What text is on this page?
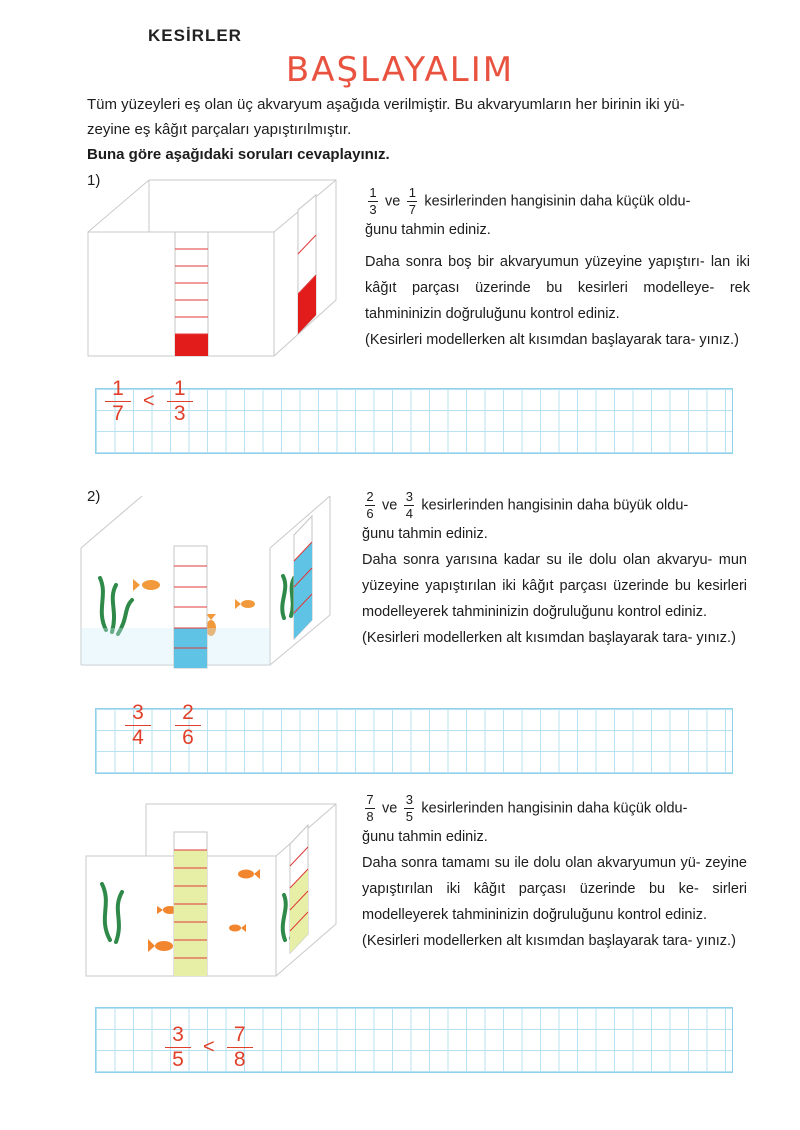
KESİRLER
BAŞLAYALIM
Tüm yüzeyleri eş olan üç akvaryum aşağıda verilmiştir. Bu akvaryumların her birinin iki yü-
zeyine eş kâğıt parçaları yapıştırılmıştır.
Buna göre aşağıdaki soruları cevaplayınız.
1)

$\frac{1}{3}$ ve $\frac{1}{7}$ kesirlerinden hangisinin daha küçük oldu-

ğunu tahmin ediniz.

Daha sonra boş bir akvaryumun yüzeyine yapıştırı- lan iki kâğıt parçası üzerinde bu kesirleri modelleye- rek tahmininizin doğruluğunu kontrol ediniz.

(Kesirleri modellerken alt kısımdan başlayarak tara- yınız.)

1
7
<
1
3
2)	$\frac{2}{6}$ ve $\frac{3}{4}$ kesirlerinden hangisinin daha büyük oldu-

ğunu tahmin ediniz.

Daha sonra yarısına kadar su ile dolu olan akvaryu- mun yüzeyine yapıştırılan iki kâğıt parçası üzerinde bu kesirleri modelleyerek tahmininizin doğruluğunu kontrol ediniz.

(Kesirleri modellerken alt kısımdan başlayarak tara- yınız.)

3
4
2
6

$\frac{7}{8}$ ve $\frac{3}{5}$ kesirlerinden hangisinin daha küçük oldu-

ğunu tahmin ediniz.

Daha sonra tamamı su ile dolu olan akvaryumun yü- zeyine yapıştırılan iki kâğıt parçası üzerinde bu ke- sirleri modelleyerek tahmininizin doğruluğunu kontrol ediniz.

(Kesirleri modellerken alt kısımdan başlayarak tara- yınız.)

3
5
<
7
8
